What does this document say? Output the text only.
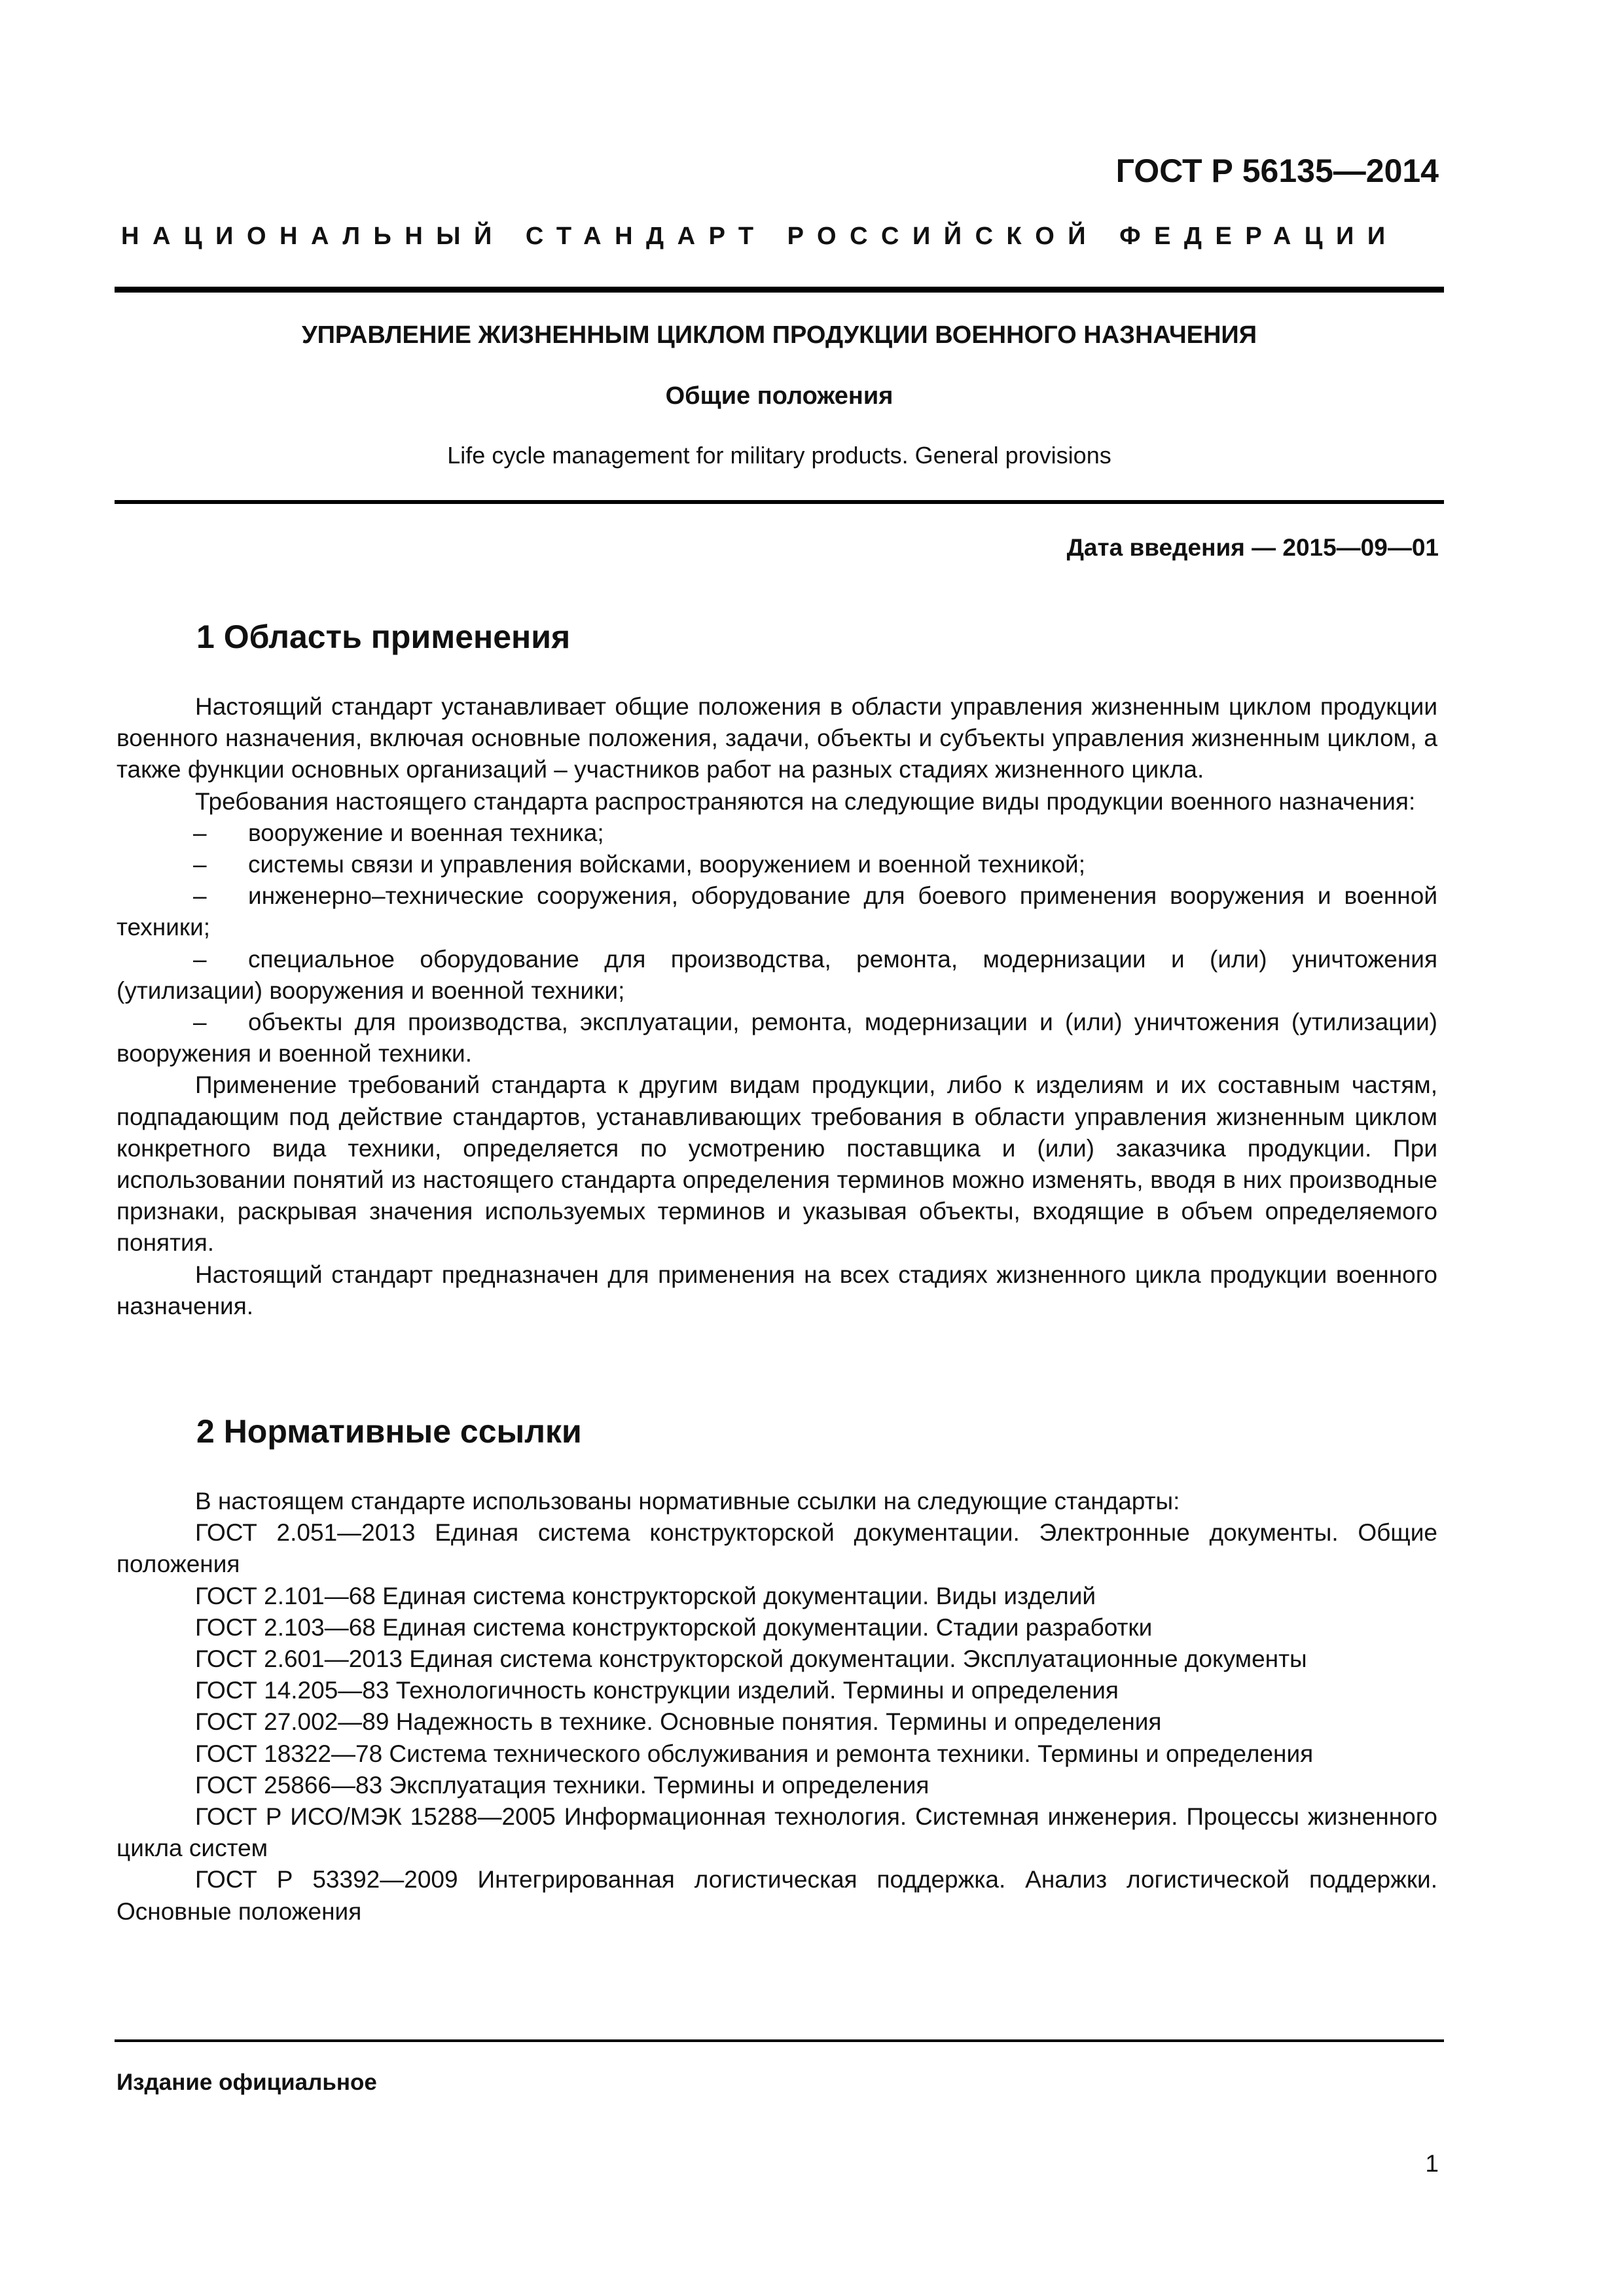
ГОСТ Р 56135—2014
НАЦИОНАЛЬНЫЙ СТАНДАРТ РОССИЙСКОЙ ФЕДЕРАЦИИ
УПРАВЛЕНИЕ ЖИЗНЕННЫМ ЦИКЛОМ ПРОДУКЦИИ ВОЕННОГО НАЗНАЧЕНИЯ
Общие положения
Life cycle management for military products. General provisions
Дата введения — 2015—09—01
1 Область применения

Настоящий стандарт устанавливает общие положения в области управления жизненным циклом продукции военного назначения, включая основные положения, задачи, объекты и субъекты управления жизненным циклом, а также функции основных организаций – участников работ на разных стадиях жизненного цикла.

Требования настоящего стандарта распространяются на следующие виды продукции военного назначения:

– вооружение и военная техника;

– системы связи и управления войсками, вооружением и военной техникой;

– инженерно–технические сооружения, оборудование для боевого применения вооружения и военной техники;

– специальное оборудование для производства, ремонта, модернизации и (или) уничтожения (утилизации) вооружения и военной техники;

– объекты для производства, эксплуатации, ремонта, модернизации и (или) уничтожения (утилизации) вооружения и военной техники.

Применение требований стандарта к другим видам продукции, либо к изделиям и их составным частям, подпадающим под действие стандартов, устанавливающих требования в области управления жизненным циклом конкретного вида техники, определяется по усмотрению поставщика и (или) заказчика продукции. При использовании понятий из настоящего стандарта определения терминов можно изменять, вводя в них производные признаки, раскрывая значения используемых терминов и указывая объекты, входящие в объем определяемого понятия.

Настоящий стандарт предназначен для применения на всех стадиях жизненного цикла продукции военного назначения.

2 Нормативные ссылки

В настоящем стандарте использованы нормативные ссылки на следующие стандарты:

ГОСТ 2.051—2013 Единая система конструкторской документации. Электронные документы. Общие положения

ГОСТ 2.101—68 Единая система конструкторской документации. Виды изделий

ГОСТ 2.103—68 Единая система конструкторской документации. Стадии разработки

ГОСТ 2.601—2013 Единая система конструкторской документации. Эксплуатационные документы

ГОСТ 14.205—83 Технологичность конструкции изделий. Термины и определения

ГОСТ 27.002—89 Надежность в технике. Основные понятия. Термины и определения

ГОСТ 18322—78 Система технического обслуживания и ремонта техники. Термины и определения

ГОСТ 25866—83 Эксплуатация техники. Термины и определения

ГОСТ Р ИСО/МЭК 15288—2005 Информационная технология. Системная инженерия. Процессы жизненного цикла систем

ГОСТ Р 53392—2009 Интегрированная логистическая поддержка. Анализ логистической поддержки. Основные положения

Издание официальное
1
